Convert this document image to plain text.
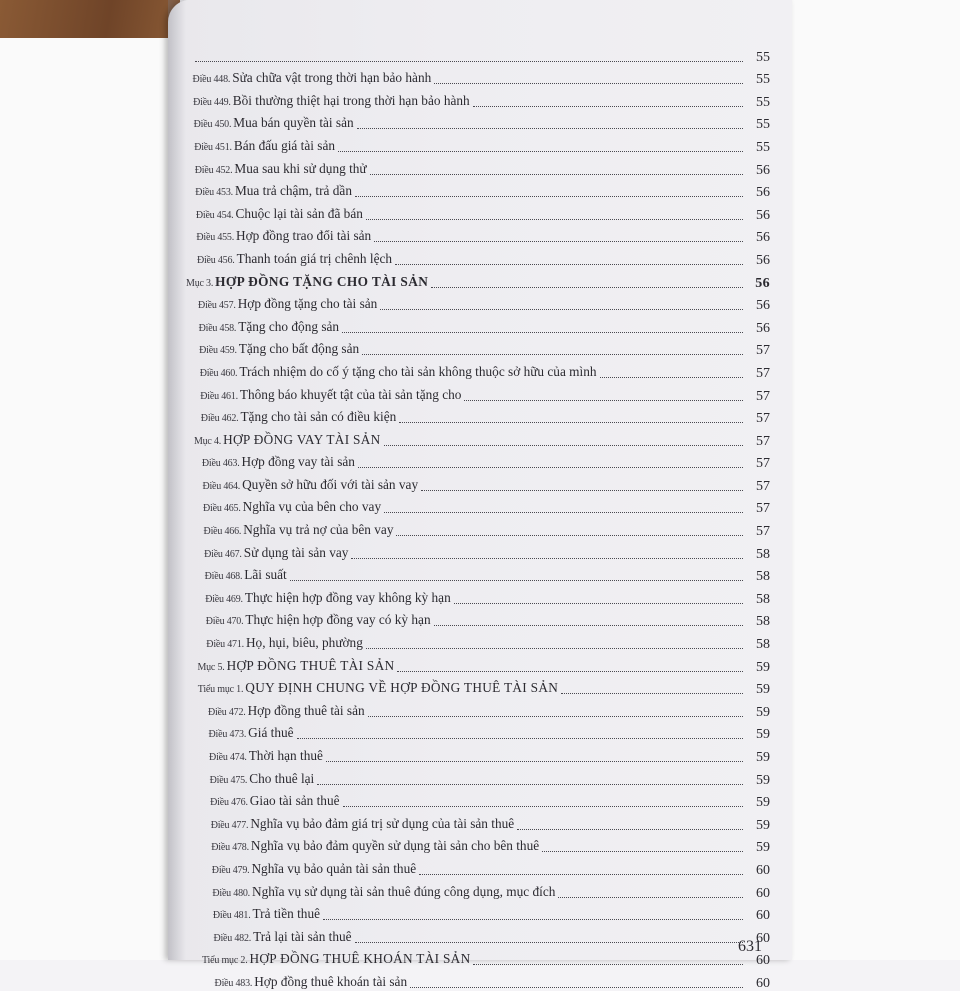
55
Điều 448. Sửa chữa vật trong thời hạn bảo hành	55
Điều 449. Bồi thường thiệt hại trong thời hạn bảo hành	55
Điều 450. Mua bán quyền tài sản	55
Điều 451. Bán đấu giá tài sản	55
Điều 452. Mua sau khi sử dụng thử	56
Điều 453. Mua trả chậm, trả dần	56
Điều 454. Chuộc lại tài sản đã bán	56
Điều 455. Hợp đồng trao đổi tài sản	56
Điều 456. Thanh toán giá trị chênh lệch	56
Mục 3. HỢP ĐỒNG TẶNG CHO TÀI SẢN	56
Điều 457. Hợp đồng tặng cho tài sản	56
Điều 458. Tặng cho động sản	56
Điều 459. Tặng cho bất động sản	57
Điều 460. Trách nhiệm do cố ý tặng cho tài sản không thuộc sở hữu của mình	57
Điều 461. Thông báo khuyết tật của tài sản tặng cho	57
Điều 462. Tặng cho tài sản có điều kiện	57
Mục 4. HỢP ĐỒNG VAY TÀI SẢN	57
Điều 463. Hợp đồng vay tài sản	57
Điều 464. Quyền sở hữu đối với tài sản vay	57
Điều 465. Nghĩa vụ của bên cho vay	57
Điều 466. Nghĩa vụ trả nợ của bên vay	57
Điều 467. Sử dụng tài sản vay	58
Điều 468. Lãi suất	58
Điều 469. Thực hiện hợp đồng vay không kỳ hạn	58
Điều 470. Thực hiện hợp đồng vay có kỳ hạn	58
Điều 471. Họ, hụi, biêu, phường	58
Mục 5. HỢP ĐỒNG THUÊ TÀI SẢN	59
Tiểu mục 1. QUY ĐỊNH CHUNG VỀ HỢP ĐỒNG THUÊ TÀI SẢN	59
Điều 472. Hợp đồng thuê tài sản	59
Điều 473. Giá thuê	59
Điều 474. Thời hạn thuê	59
Điều 475. Cho thuê lại	59
Điều 476. Giao tài sản thuê	59
Điều 477. Nghĩa vụ bảo đảm giá trị sử dụng của tài sản thuê	59
Điều 478. Nghĩa vụ bảo đảm quyền sử dụng tài sản cho bên thuê	59
Điều 479. Nghĩa vụ bảo quản tài sản thuê	60
Điều 480. Nghĩa vụ sử dụng tài sản thuê đúng công dụng, mục đích	60
Điều 481. Trả tiền thuê	60
Điều 482. Trả lại tài sản thuê	60
Tiểu mục 2. HỢP ĐỒNG THUÊ KHOÁN TÀI SẢN	60
Điều 483. Hợp đồng thuê khoán tài sản	60
631
